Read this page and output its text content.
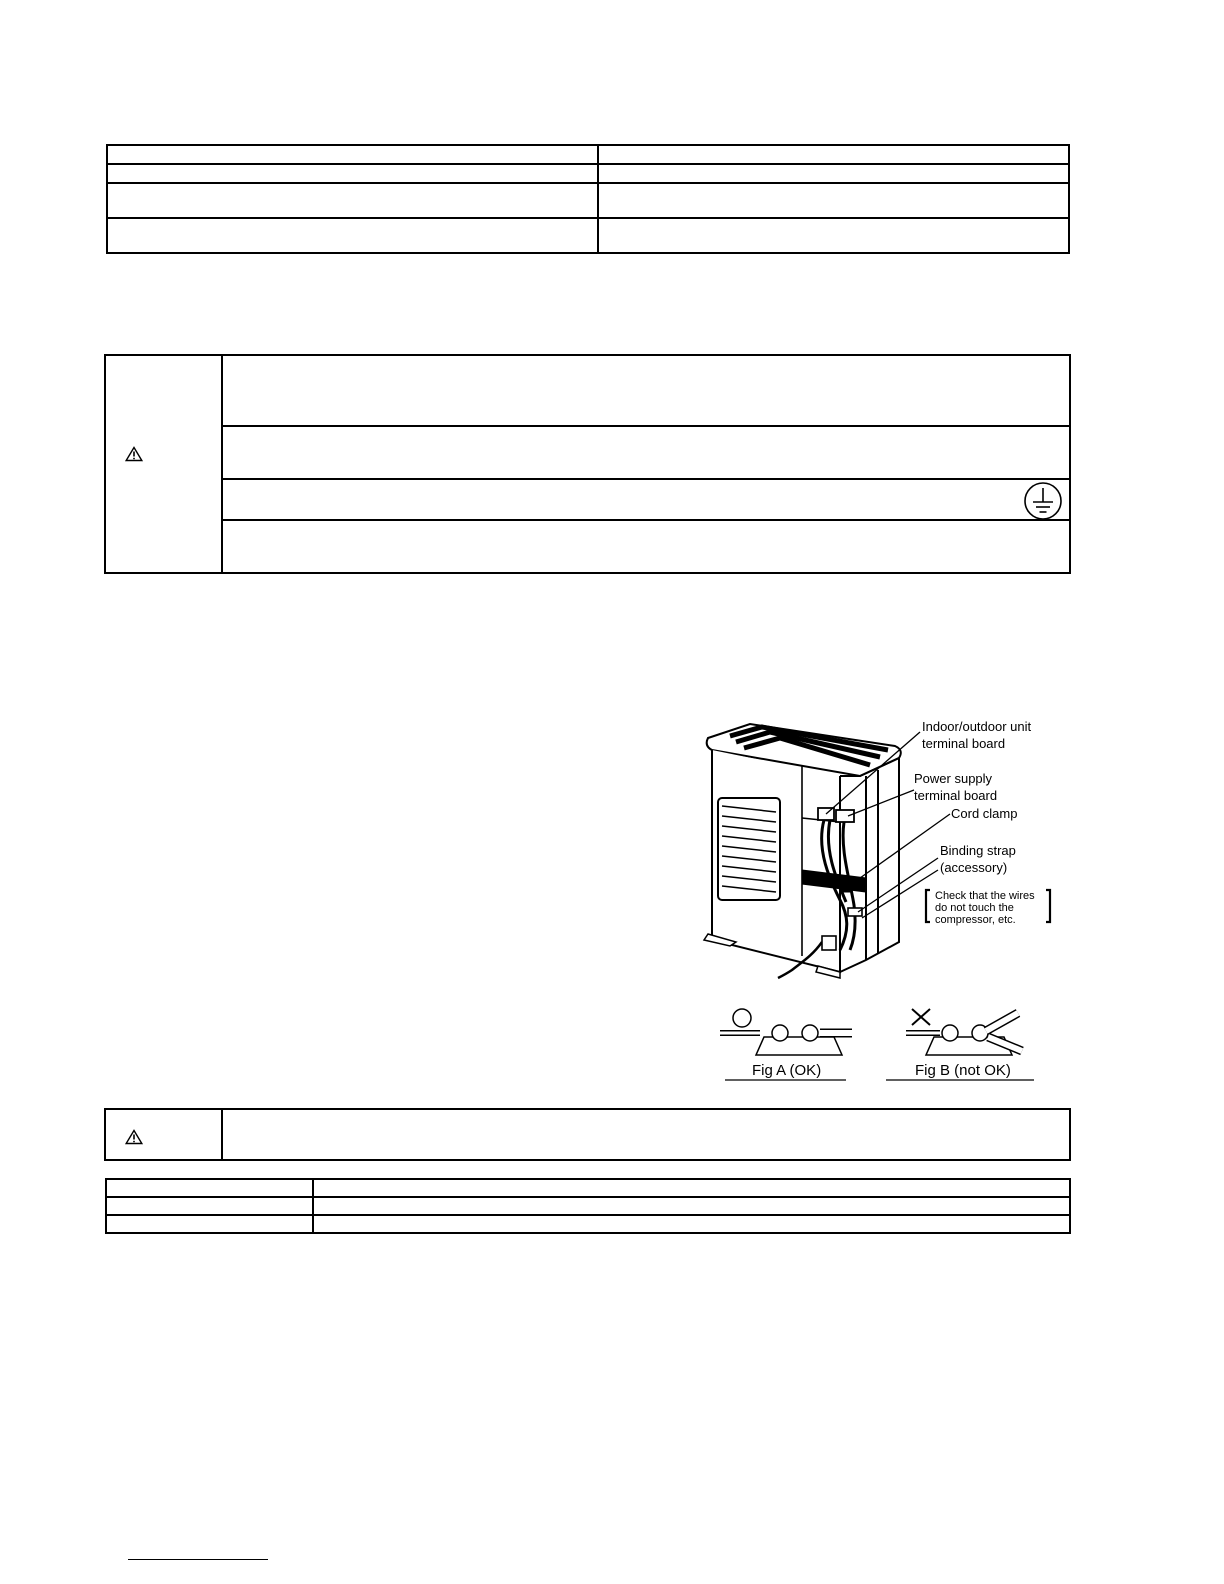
Indoor/outdoor unit
terminal board
Power supply
terminal board
Cord clamp
Binding strap
(accessory)
Check that the wires
do not touch the
compressor, etc.
Fig A (OK)	Fig B (not OK)
